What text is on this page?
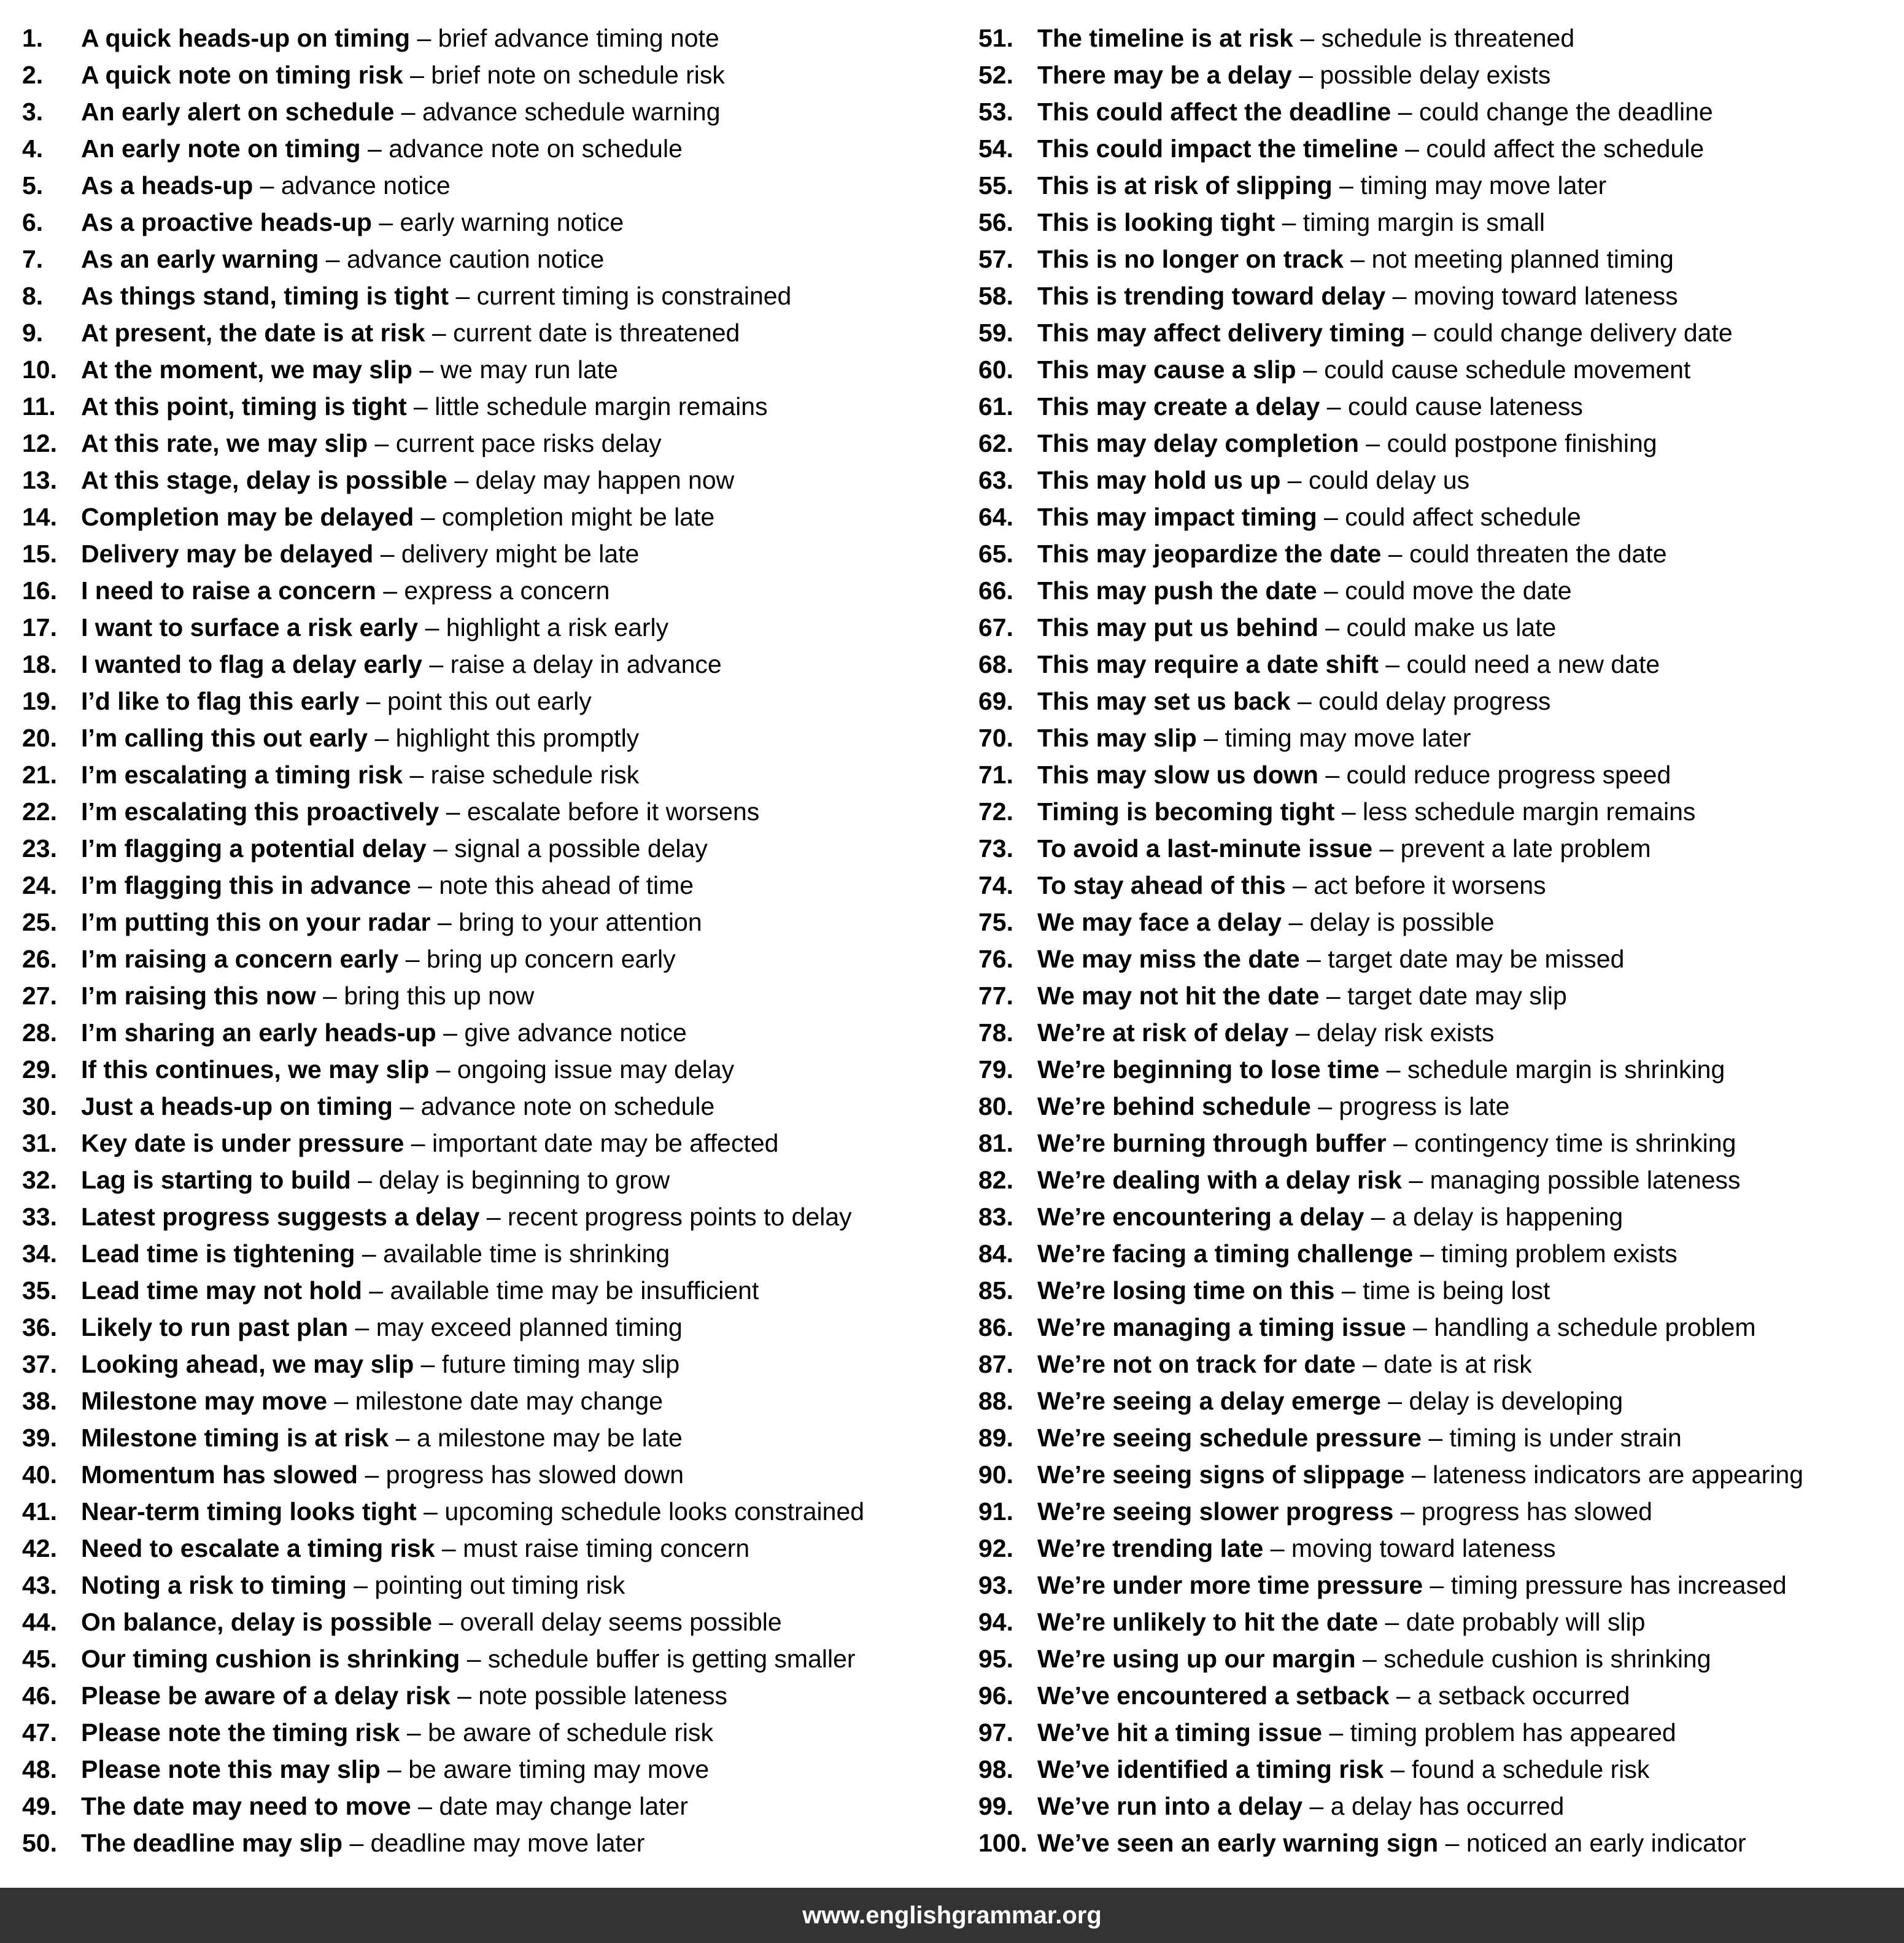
1.	A quick heads-up on timing – brief advance timing note
2.	A quick note on timing risk – brief note on schedule risk
3.	An early alert on schedule – advance schedule warning
4.	An early note on timing – advance note on schedule
5.	As a heads-up – advance notice
6.	As a proactive heads-up – early warning notice
7.	As an early warning – advance caution notice
8.	As things stand, timing is tight – current timing is constrained
9.	At present, the date is at risk – current date is threatened
10. At the moment, we may slip – we may run late
11.	At this point, timing is tight – little schedule margin remains
12. At this rate, we may slip – current pace risks delay
13. At this stage, delay is possible – delay may happen now
14. Completion may be delayed – completion might be late
15. Delivery may be delayed – delivery might be late
16. I need to raise a concern – express a concern
17. I want to surface a risk early – highlight a risk early
18. I wanted to flag a delay early – raise a delay in advance
19. I’d like to flag this early – point this out early
20. I’m calling this out early – highlight this promptly
21. I’m escalating a timing risk – raise schedule risk
22. I’m escalating this proactively – escalate before it worsens
23. I’m flagging a potential delay – signal a possible delay
24. I’m flagging this in advance – note this ahead of time
25. I’m putting this on your radar – bring to your attention
26. I’m raising a concern early – bring up concern early
27. I’m raising this now – bring this up now
28. I’m sharing an early heads-up – give advance notice
29. If this continues, we may slip – ongoing issue may delay
30. Just a heads-up on timing – advance note on schedule
31. Key date is under pressure – important date may be affected
32. Lag is starting to build – delay is beginning to grow
33. Latest progress suggests a delay – recent progress points to delay
34. Lead time is tightening – available time is shrinking
35. Lead time may not hold – available time may be insufficient
36. Likely to run past plan – may exceed planned timing
37. Looking ahead, we may slip – future timing may slip
38. Milestone may move – milestone date may change
39. Milestone timing is at risk – a milestone may be late
40. Momentum has slowed – progress has slowed down
41. Near-term timing looks tight – upcoming schedule looks constrained
42. Need to escalate a timing risk – must raise timing concern
43. Noting a risk to timing – pointing out timing risk
44. On balance, delay is possible – overall delay seems possible
45. Our timing cushion is shrinking – schedule buffer is getting smaller
46. Please be aware of a delay risk – note possible lateness
47. Please note the timing risk – be aware of schedule risk
48. Please note this may slip – be aware timing may move
49. The date may need to move – date may change later
50. The deadline may slip – deadline may move later
51. The timeline is at risk – schedule is threatened
52. There may be a delay – possible delay exists
53. This could affect the deadline – could change the deadline
54. This could impact the timeline – could affect the schedule
55. This is at risk of slipping – timing may move later
56. This is looking tight – timing margin is small
57. This is no longer on track – not meeting planned timing
58. This is trending toward delay – moving toward lateness
59. This may affect delivery timing – could change delivery date
60. This may cause a slip – could cause schedule movement
61. This may create a delay – could cause lateness
62. This may delay completion – could postpone finishing
63. This may hold us up – could delay us
64. This may impact timing – could affect schedule
65. This may jeopardize the date – could threaten the date
66. This may push the date – could move the date
67. This may put us behind – could make us late
68. This may require a date shift – could need a new date
69. This may set us back – could delay progress
70. This may slip – timing may move later
71. This may slow us down – could reduce progress speed
72. Timing is becoming tight – less schedule margin remains
73. To avoid a last-minute issue – prevent a late problem
74. To stay ahead of this – act before it worsens
75. We may face a delay – delay is possible
76. We may miss the date – target date may be missed
77. We may not hit the date – target date may slip
78. We’re at risk of delay – delay risk exists
79. We’re beginning to lose time – schedule margin is shrinking
80. We’re behind schedule – progress is late
81. We’re burning through buffer – contingency time is shrinking
82. We’re dealing with a delay risk – managing possible lateness
83. We’re encountering a delay – a delay is happening
84. We’re facing a timing challenge – timing problem exists
85. We’re losing time on this – time is being lost
86. We’re managing a timing issue – handling a schedule problem
87. We’re not on track for date – date is at risk
88. We’re seeing a delay emerge – delay is developing
89. We’re seeing schedule pressure – timing is under strain
90. We’re seeing signs of slippage – lateness indicators are appearing
91. We’re seeing slower progress – progress has slowed
92. We’re trending late – moving toward lateness
93. We’re under more time pressure – timing pressure has increased
94. We’re unlikely to hit the date – date probably will slip
95. We’re using up our margin – schedule cushion is shrinking
96. We’ve encountered a setback – a setback occurred
97. We’ve hit a timing issue – timing problem has appeared
98. We’ve identified a timing risk – found a schedule risk
99. We’ve run into a delay – a delay has occurred
100. We’ve seen an early warning sign – noticed an early indicator
www.englishgrammar.org
